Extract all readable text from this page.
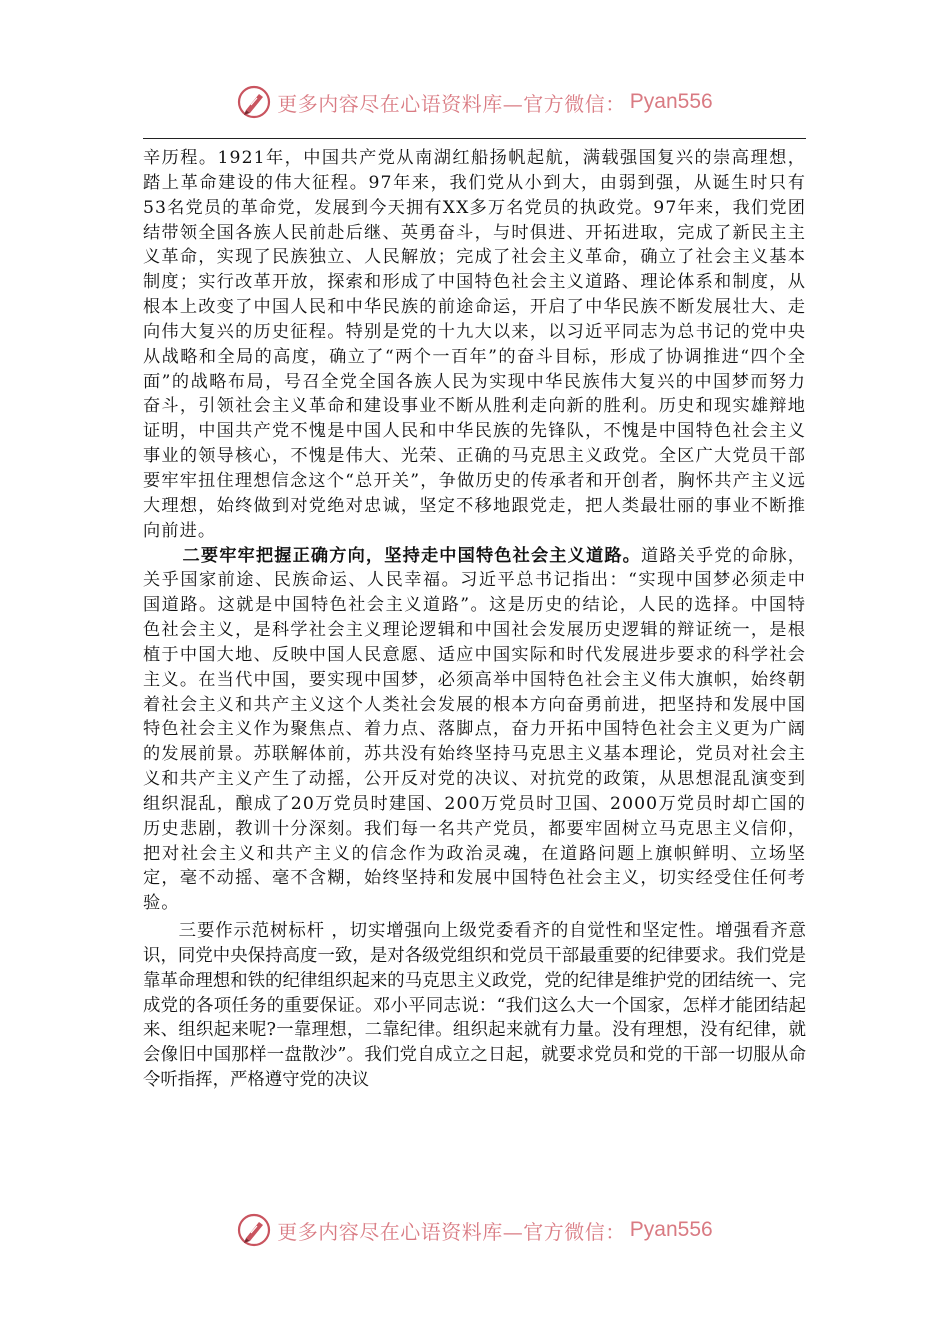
更多内容尽在心语资料库—官方微信： Pyan556

辛历程。1921年，中国共产党从南湖红船扬帆起航，满载强国复兴的崇高理想，踏上革命建设的伟大征程。97年来，我们党从小到大，由弱到强，从诞生时只有53名党员的革命党，发展到今天拥有XX多万名党员的执政党。97年来，我们党团结带领全国各族人民前赴后继、英勇奋斗，与时俱进、开拓进取，完成了新民主主义革命，实现了民族独立、人民解放；完成了社会主义革命，确立了社会主义基本制度；实行改革开放，探索和形成了中国特色社会主义道路、理论体系和制度，从根本上改变了中国人民和中华民族的前途命运，开启了中华民族不断发展壮大、走向伟大复兴的历史征程。特别是党的十九大以来，以习近平同志为总书记的党中央从战略和全局的高度，确立了“两个一百年”的奋斗目标，形成了协调推进“四个全面”的战略布局，号召全党全国各族人民为实现中华民族伟大复兴的中国梦而努力奋斗，引领社会主义革命和建设事业不断从胜利走向新的胜利。历史和现实雄辩地证明，中国共产党不愧是中国人民和中华民族的先锋队，不愧是中国特色社会主义事业的领导核心，不愧是伟大、光荣、正确的马克思主义政党。全区广大党员干部要牢牢扭住理想信念这个“总开关”，争做历史的传承者和开创者，胸怀共产主义远大理想，始终做到对党绝对忠诚，坚定不移地跟党走，把人类最壮丽的事业不断推向前进。

二要牢牢把握正确方向，坚持走中国特色社会主义道路。道路关乎党的命脉，关乎国家前途、民族命运、人民幸福。习近平总书记指出：“实现中国梦必须走中国道路。这就是中国特色社会主义道路”。这是历史的结论，人民的选择。中国特色社会主义，是科学社会主义理论逻辑和中国社会发展历史逻辑的辩证统一，是根植于中国大地、反映中国人民意愿、适应中国实际和时代发展进步要求的科学社会主义。在当代中国，要实现中国梦，必须高举中国特色社会主义伟大旗帜，始终朝着社会主义和共产主义这个人类社会发展的根本方向奋勇前进，把坚持和发展中国特色社会主义作为聚焦点、着力点、落脚点，奋力开拓中国特色社会主义更为广阔的发展前景。苏联解体前，苏共没有始终坚持马克思主义基本理论，党员对社会主义和共产主义产生了动摇，公开反对党的决议、对抗党的政策，从思想混乱演变到组织混乱，酿成了20万党员时建国、200万党员时卫国、2000万党员时却亡国的历史悲剧，教训十分深刻。我们每一名共产党员，都要牢固树立马克思主义信仰，把对社会主义和共产主义的信念作为政治灵魂，在道路问题上旗帜鲜明、立场坚定，毫不动摇、毫不含糊，始终坚持和发展中国特色社会主义，切实经受住任何考验。

三要作示范树标杆 ，切实增强向上级党委看齐的自觉性和坚定性。增强看齐意识，同党中央保持高度一致，是对各级党组织和党员干部最重要的纪律要求。我们党是靠革命理想和铁的纪律组织起来的马克思主义政党，党的纪律是维护党的团结统一、完成党的各项任务的重要保证。邓小平同志说：“我们这么大一个国家，怎样才能团结起来、组织起来呢?一靠理想，二靠纪律。组织起来就有力量。没有理想，没有纪律，就会像旧中国那样一盘散沙”。我们党自成立之日起，就要求党员和党的干部一切服从命令听指挥，严格遵守党的决议

更多内容尽在心语资料库—官方微信： Pyan556
